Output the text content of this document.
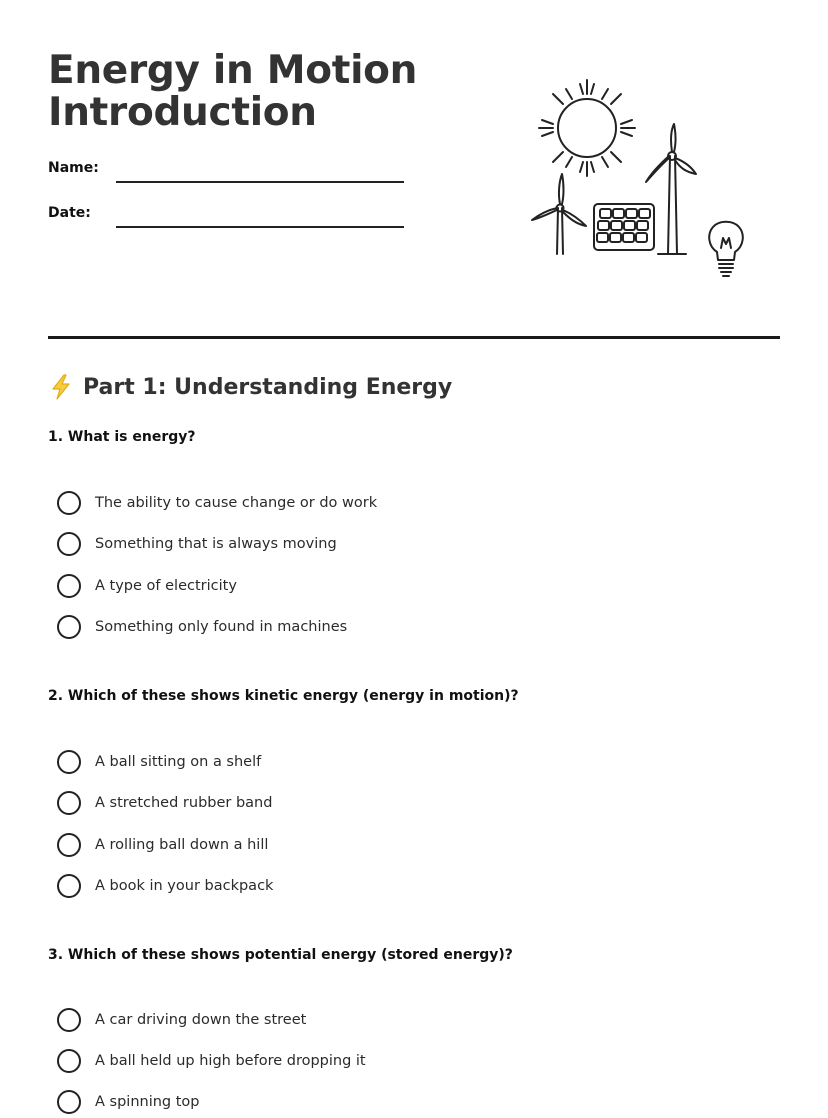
Energy in Motion
Introduction
Name:
Date:
Part 1: Understanding Energy
1. What is energy?
The ability to cause change or do work
Something that is always moving
A type of electricity
Something only found in machines
2. Which of these shows kinetic energy (energy in motion)?
A ball sitting on a shelf
A stretched rubber band
A rolling ball down a hill
A book in your backpack
3. Which of these shows potential energy (stored energy)?
A car driving down the street
A ball held up high before dropping it
A spinning top
